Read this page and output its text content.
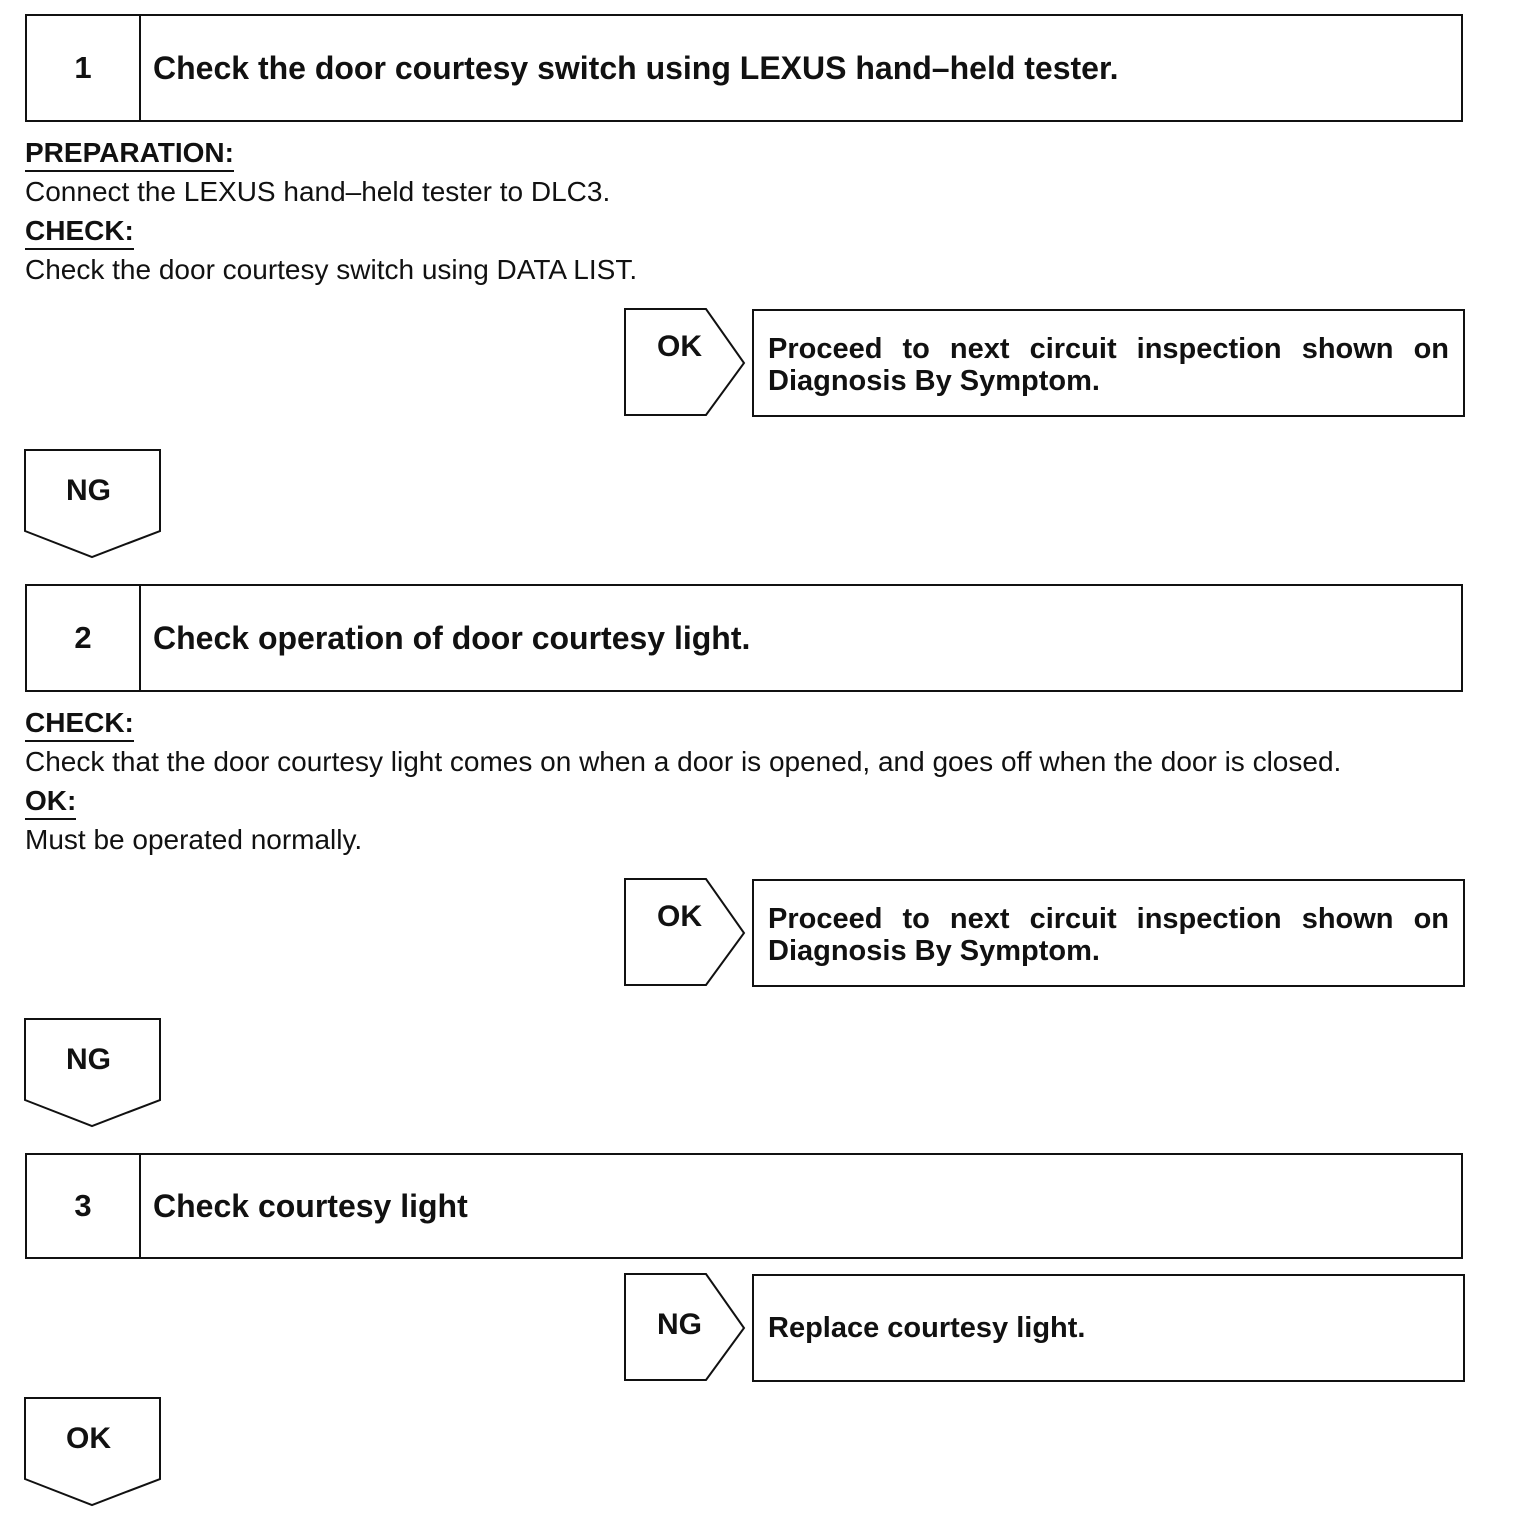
1	Check the door courtesy switch using LEXUS hand–held tester.
PREPARATION:
Connect the LEXUS hand–held tester to DLC3.
CHECK:
Check the door courtesy switch using DATA LIST.
OK Proceed to next circuit inspection shown on Diagnosis By Symptom.
NG
2	Check operation of door courtesy light.
CHECK:
Check that the door courtesy light comes on when a door is opened, and goes off when the door is closed.
OK:
Must be operated normally.
OK Proceed to next circuit inspection shown on Diagnosis By Symptom.
NG
3	Check courtesy light
NG Replace courtesy light.
OK
